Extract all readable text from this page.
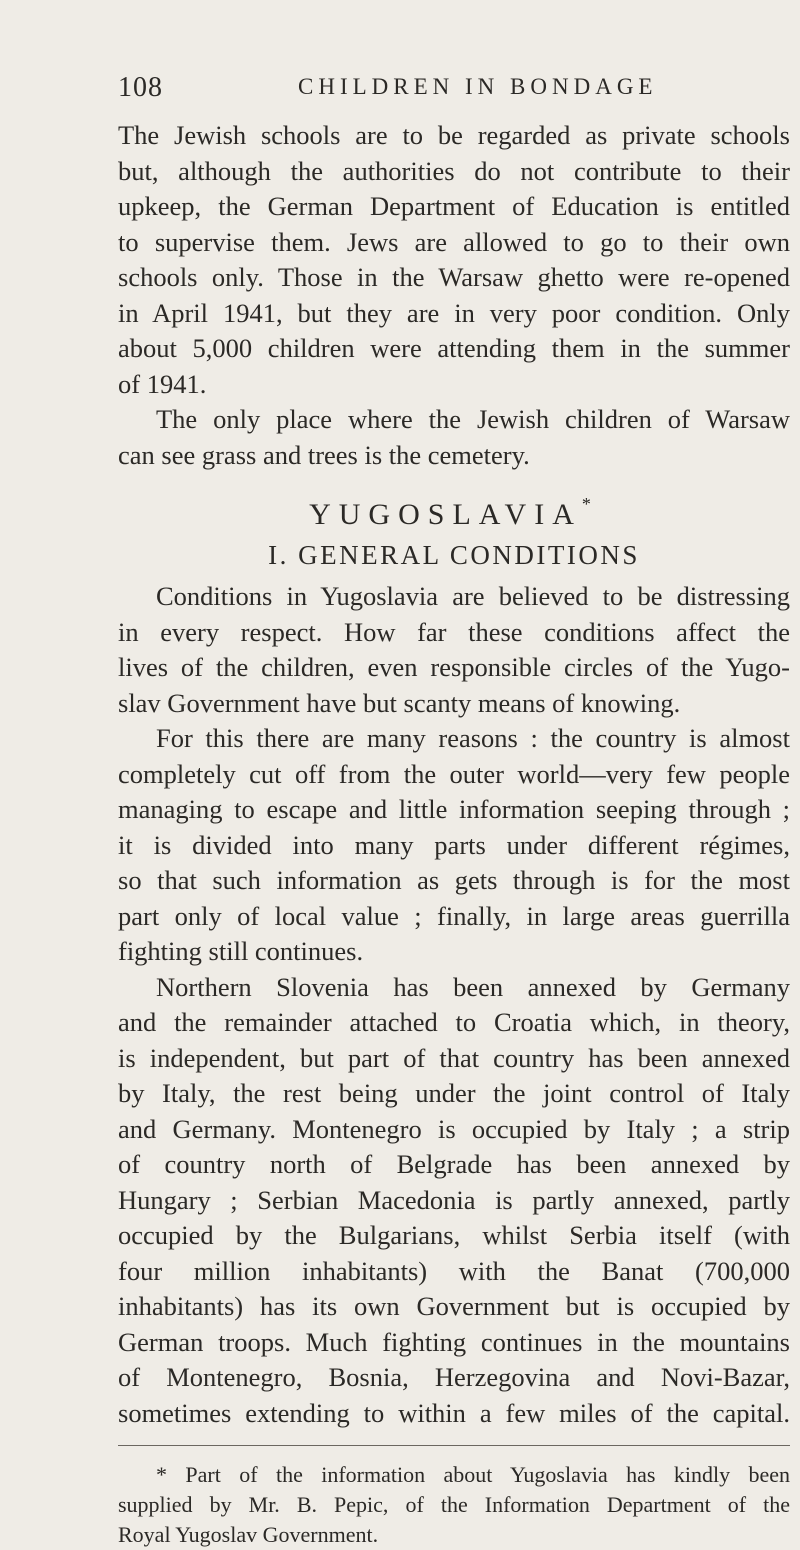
108	CHILDREN IN BONDAGE
The Jewish schools are to be regarded as private schools
but, although the authorities do not contribute to their
upkeep, the German Department of Education is entitled
to supervise them. Jews are allowed to go to their own
schools only. Those in the Warsaw ghetto were re-opened
in April 1941, but they are in very poor condition. Only
about 5,000 children were attending them in the summer
of 1941.
The only place where the Jewish children of Warsaw
can see grass and trees is the cemetery.
YUGOSLAVIA*
I. GENERAL CONDITIONS
Conditions in Yugoslavia are believed to be distressing
in every respect. How far these conditions affect the
lives of the children, even responsible circles of the Yugo-
slav Government have but scanty means of knowing.
For this there are many reasons : the country is almost
completely cut off from the outer world—very few people
managing to escape and little information seeping through ;
it is divided into many parts under different régimes,
so that such information as gets through is for the most
part only of local value ; finally, in large areas guerrilla
fighting still continues.
Northern Slovenia has been annexed by Germany
and the remainder attached to Croatia which, in theory,
is independent, but part of that country has been annexed
by Italy, the rest being under the joint control of Italy
and Germany. Montenegro is occupied by Italy ; a strip
of country north of Belgrade has been annexed by
Hungary ; Serbian Macedonia is partly annexed, partly
occupied by the Bulgarians, whilst Serbia itself (with
four million inhabitants) with the Banat (700,000
inhabitants) has its own Government but is occupied by
German troops. Much fighting continues in the mountains
of Montenegro, Bosnia, Herzegovina and Novi-Bazar,
sometimes extending to within a few miles of the capital.
* Part of the information about Yugoslavia has kindly been
supplied by Mr. B. Pepic, of the Information Department of the
Royal Yugoslav Government.
